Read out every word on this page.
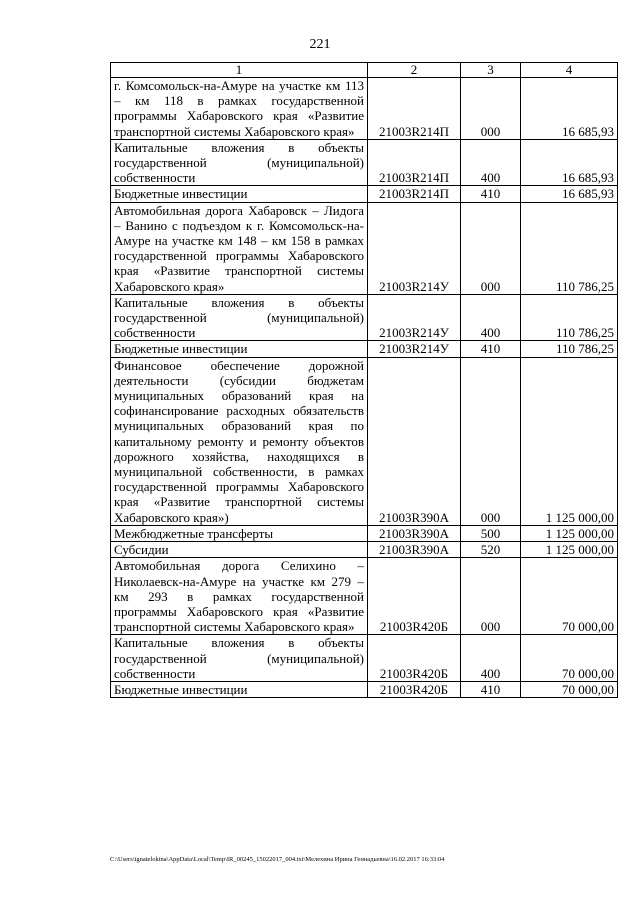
221
1	2	3	4
г. Комсомольск-на-Амуре на участке км 113 – км 118 в рамках государственной программы Хабаровского края «Развитие транспортной системы Хабаровского края»	21003R214П	000	16 685,93
Капитальные вложения в объекты государственной (муниципальной) собственности	21003R214П	400	16 685,93
Бюджетные инвестиции	21003R214П	410	16 685,93
Автомобильная дорога Хабаровск – Лидога – Ванино с подъездом к г. Комсомольск-на-Амуре на участке км 148 – км 158 в рамках государственной программы Хабаровского края «Развитие транспортной системы Хабаровского края»	21003R214У	000	110 786,25
Капитальные вложения в объекты государственной (муниципальной) собственности	21003R214У	400	110 786,25
Бюджетные инвестиции	21003R214У	410	110 786,25
Финансовое обеспечение дорожной деятельности (субсидии бюджетам муниципальных образований края на софинансирование расходных обязательств муниципальных образований края по капитальному ремонту и ремонту объектов дорожного хозяйства, находящихся в муниципальной собственности, в рамках государственной программы Хабаровского края «Развитие транспортной системы Хабаровского края»)	21003R390А	000	1 125 000,00
Межбюджетные трансферты	21003R390А	500	1 125 000,00
Субсидии	21003R390А	520	1 125 000,00
Автомобильная дорога Селихино – Николаевск-на-Амуре на участке км 279 – км 293 в рамках государственной программы Хабаровского края «Развитие транспортной системы Хабаровского края»	21003R420Б	000	70 000,00
Капитальные вложения в объекты государственной (муниципальной) собственности	21003R420Б	400	70 000,00
Бюджетные инвестиции	21003R420Б	410	70 000,00
C:\Users\ignatelokina\AppData\Local\Temp\IR_00245_15022017_004.txt\Мелехина Ирина Геннадьевна\16.02.2017 16:33:04
